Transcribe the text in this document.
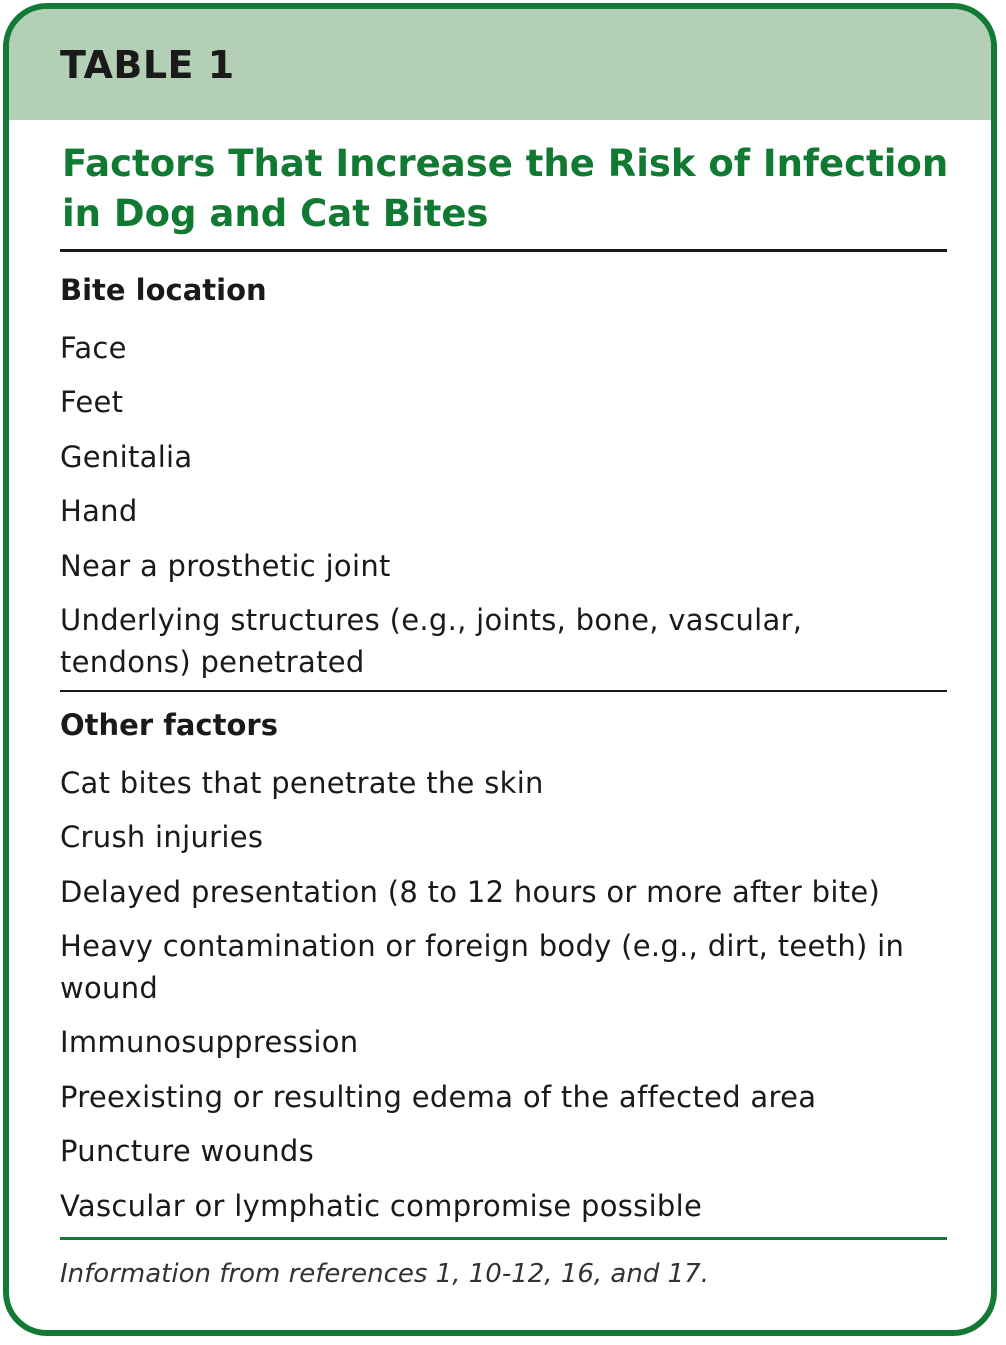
TABLE 1
Factors That Increase the Risk of Infection in Dog and Cat Bites
Bite location
Face
Feet
Genitalia
Hand
Near a prosthetic joint
Underlying structures (e.g., joints, bone, vascular, tendons) penetrated
Other factors
Cat bites that penetrate the skin
Crush injuries
Delayed presentation (8 to 12 hours or more after bite)
Heavy contamination or foreign body (e.g., dirt, teeth) in wound
Immunosuppression
Preexisting or resulting edema of the affected area
Puncture wounds
Vascular or lymphatic compromise possible
Information from references 1, 10-12, 16, and 17.
